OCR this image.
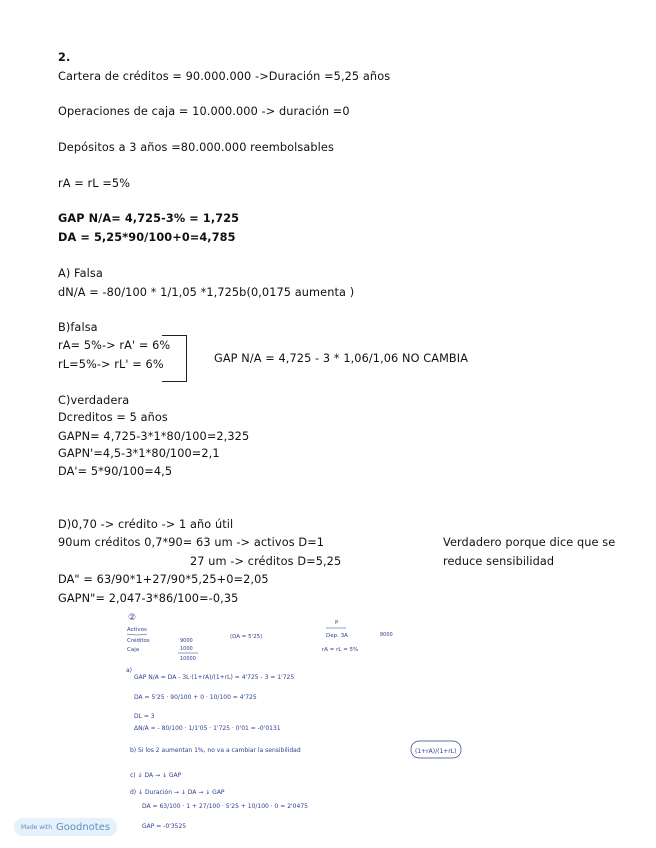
2.
Cartera de créditos = 90.000.000 ->Duración =5,25 años
Operaciones de caja = 10.000.000 -> duración =0
Depósitos a 3 años =80.000.000 reembolsables
rA = rL =5%
GAP N/A= 4,725-3% = 1,725
DA = 5,25*90/100+0=4,785
A) Falsa
dN/A = -80/100 * 1/1,05 *1,725b(0,0175 aumenta )
B)falsa
rA= 5%-> rA' = 6%
rL=5%-> rL' = 6%	GAP N/A = 4,725 - 3 * 1,06/1,06 NO CAMBIA
C)verdadera
Dcreditos = 5 años
GAPN= 4,725-3*1*80/100=2,325
GAPN'=4,5-3*1*80/100=2,1
DA'= 5*90/100=4,5
D)0,70 -> crédito -> 1 año útil
90um créditos 0,7*90= 63 um -> activos D=1
27 um -> créditos D=5,25
Verdadero porque dice que se
reduce sensibilidad
DA" = 63/90*1+27/90*5,25+0=2,05
GAPN"= 2,047-3*86/100=-0,35
②
Activos
Créditos
Caja
9000
1000
10000
(DA = 5'25)
P
Dep. 3A	8000
rA = rL = 5%
a)
GAP N/A = DA - 3L·(1+rA)/(1+rL) = 4'725 - 3 = 1'725
DA = 5'25 · 90/100 + 0 · 10/100 = 4'725
DL = 3
ΔN/A = - 80/100 · 1/1'05 · 1'725 · 0'01 = -0'0131
b) Si los 2 aumentan 1%, no va a cambiar la sensibilidad	(1+rA)/(1+rL)
c) ↓ DA → ↓ GAP
d) ↓ Duración → ↓ DA → ↓ GAP
DA = 63/100 · 1 + 27/100 · 5'25 + 10/100 · 0 = 2'0475
GAP = -0'3525
Made with Goodnotes
